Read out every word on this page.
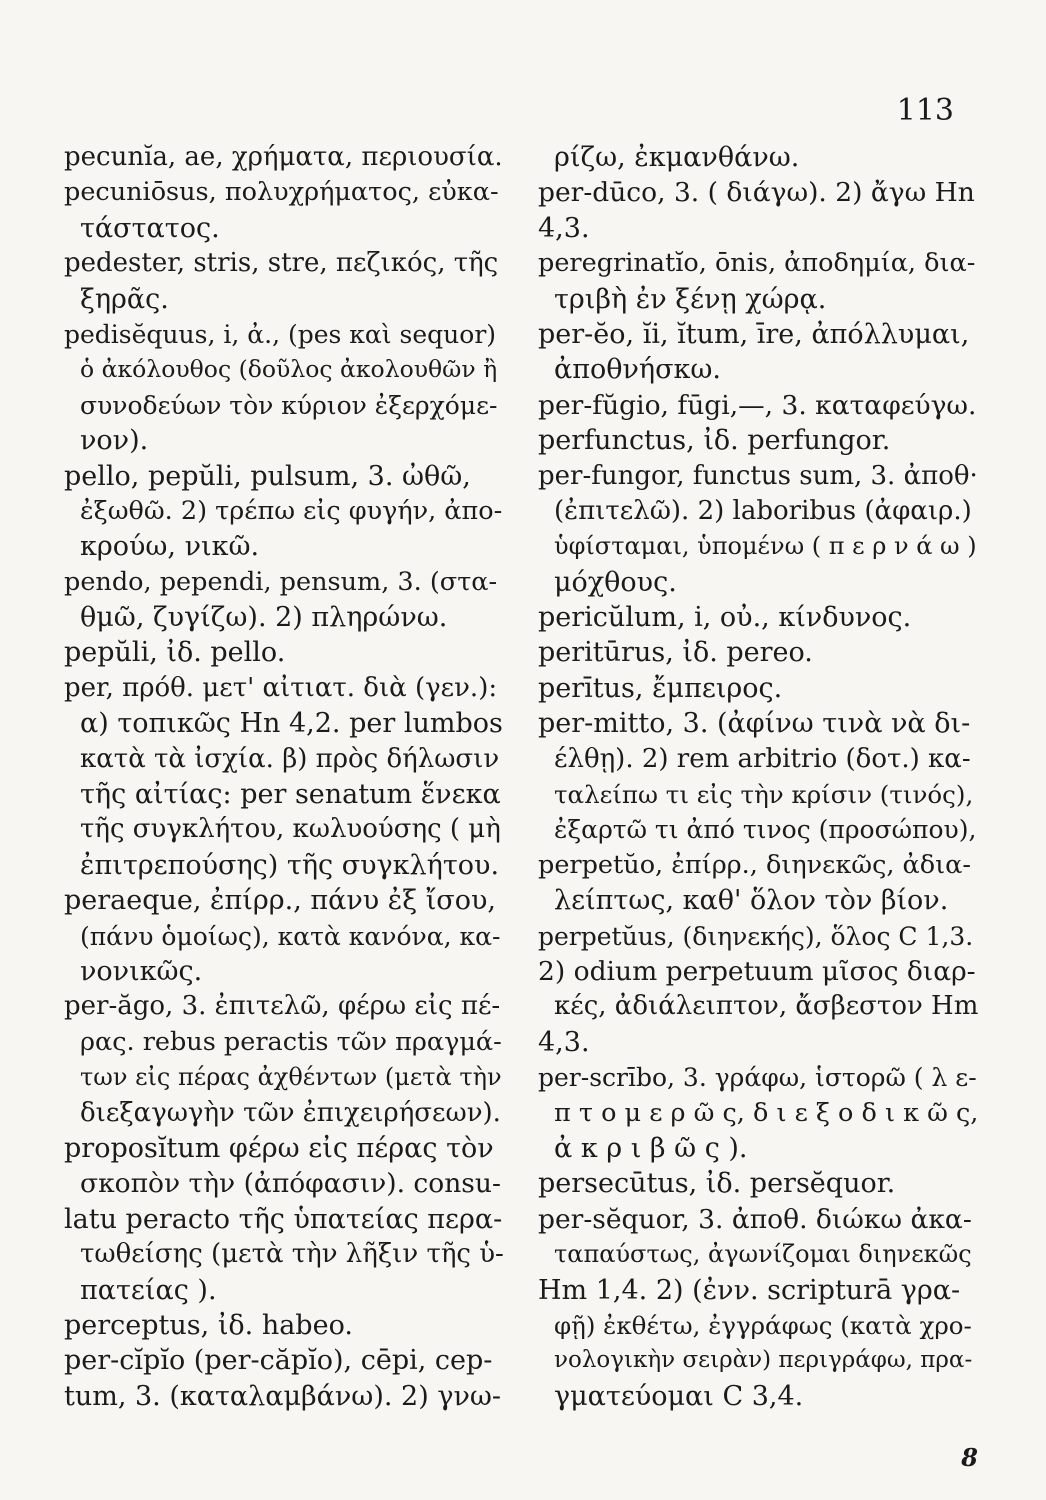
113
pecunĭa, ae, χρήματα, περιουσία.
pecuniōsus, πολυχρήματος, εὐκα-
τάστατος.
pedester, stris, stre, πεζικός, τῆς
ξηρᾶς.
pedisĕquus, i, ἀ., (pes καὶ sequor)
ὁ ἀκόλουθος (δοῦλος ἀκολουθῶν ἢ
συνοδεύων τὸν κύριον ἐξερχόμε-
νον).
pello, pepŭli, pulsum, 3. ὠθῶ,
ἐξωθῶ. 2) τρέπω εἰς φυγήν, ἀπο-
κρούω, νικῶ.
pendo, pependi, pensum, 3. (στα-
θμῶ, ζυγίζω). 2) πληρώνω.
pepŭli, ἰδ. pello.
per, πρόθ. μετ' αἰτιατ. διὰ (γεν.):
α) τοπικῶς Hn 4,2. per lumbos
κατὰ τὰ ἰσχία. β) πρὸς δήλωσιν
τῆς αἰτίας: per senatum ἕνεκα
τῆς συγκλήτου, κωλυούσης ( μὴ
ἐπιτρεπούσης) τῆς συγκλήτου.
peraeque, ἐπίρρ., πάνυ ἐξ ἴσου,
(πάνυ ὁμοίως), κατὰ κανόνα, κα-
νονικῶς.
per-ăgo, 3. ἐπιτελῶ, φέρω εἰς πέ-
ρας. rebus peractis τῶν πραγμά-
των εἰς πέρας ἀχθέντων (μετὰ τὴν
διεξαγωγὴν τῶν ἐπιχειρήσεων).
proposĭtum φέρω εἰς πέρας τὸν
σκοπὸν τὴν (ἀπόφασιν). consu-
latu peracto τῆς ὑπατείας περα-
τωθείσης (μετὰ τὴν λῆξιν τῆς ὑ-
πατείας ).
perceptus, ἰδ. habeo.
per-cĭpĭo (per-căpĭo), cēpi, cep-
tum, 3. (καταλαμβάνω). 2) γνω-
ρίζω, ἐκμανθάνω.
per-dūco, 3. ( διάγω). 2) ἄγω Hn
4,3.
peregrinatĭo, ōnis, ἀποδημία, δια-
τριβὴ ἐν ξένῃ χώρᾳ.
per-ĕo, ĭi, ĭtum, īre, ἀπόλλυμαι,
ἀποθνήσκω.
per-fŭgio, fūgi,—, 3. καταφεύγω.
perfunctus, ἰδ. perfungor.
per-fungor, functus sum, 3. ἀποθ·
(ἐπιτελῶ). 2) laboribus (ἀφαιρ.)
ὑφίσταμαι, ὑπομένω ( π ε ρ ν ά ω )
μόχθους.
pericŭlum, i, οὐ., κίνδυνος.
peritūrus, ἰδ. pereo.
perītus, ἔμπειρος.
per-mitto, 3. (ἀφίνω τινὰ νὰ δι-
έλθῃ). 2) rem arbitrio (δοτ.) κα-
ταλείπω τι εἰς τὴν κρίσιν (τινός),
ἐξαρτῶ τι ἀπό τινος (προσώπου),
perpetŭo, ἐπίρρ., διηνεκῶς, ἀδια-
λείπτως, καθ' ὅλον τὸν βίον.
perpetŭus, (διηνεκής), ὅλος C 1,3.
2) odium perpetuum μῖσος διαρ-
κές, ἀδιάλειπτον, ἄσβεστον Hm
4,3.
per-scrībo, 3. γράφω, ἱστορῶ ( λ ε-
π τ ο μ ε ρ ῶ ς, δ ι ε ξ ο δ ι κ ῶ ς,
ἀ κ ρ ι β ῶ ς ).
persecūtus, ἰδ. persĕquor.
per-sĕquor, 3. ἀποθ. διώκω ἀκα-
ταπαύστως, ἀγωνίζομαι διηνεκῶς
Hm 1,4. 2) (ἐνν. scripturā γρα-
φῇ) ἐκθέτω, ἐγγράφως (κατὰ χρο-
νολογικὴν σειρὰν) περιγράφω, πρα-
γματεύομαι C 3,4.
8
